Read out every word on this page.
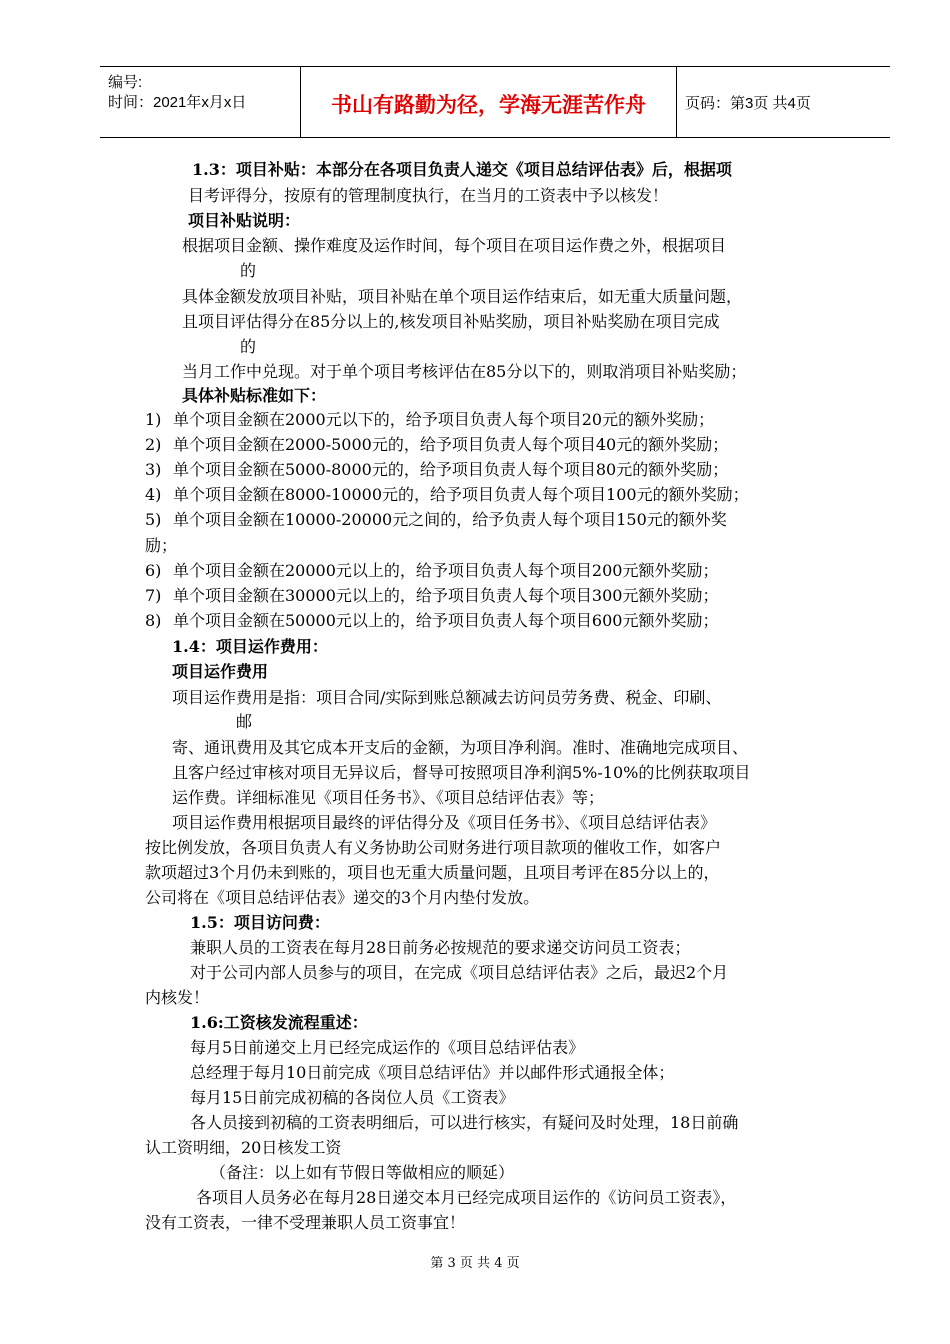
编号:
时间：2021年x月x日	书山有路勤为径，学海无涯苦作舟	页码：第3页 共4页
1.3：项目补贴：本部分在各项目负责人递交《项目总结评估表》后，根据项
目考评得分，按原有的管理制度执行，在当月的工资表中予以核发！
项目补贴说明：
根据项目金额、操作难度及运作时间，每个项目在项目运作费之外，根据项目
的
具体金额发放项目补贴，项目补贴在单个项目运作结束后，如无重大质量问题，
且项目评估得分在85分以上的,核发项目补贴奖励，项目补贴奖励在项目完成
的
当月工作中兑现。对于单个项目考核评估在85分以下的，则取消项目补贴奖励；
具体补贴标准如下：
1) 单个项目金额在2000元以下的，给予项目负责人每个项目20元的额外奖励；
2) 单个项目金额在2000-5000元的，给予项目负责人每个项目40元的额外奖励；
3) 单个项目金额在5000-8000元的，给予项目负责人每个项目80元的额外奖励；
4) 单个项目金额在8000-10000元的，给予项目负责人每个项目100元的额外奖励；
5) 单个项目金额在10000-20000元之间的，给予负责人每个项目150元的额外奖
励；
6) 单个项目金额在20000元以上的，给予项目负责人每个项目200元额外奖励；
7) 单个项目金额在30000元以上的，给予项目负责人每个项目300元额外奖励；
8) 单个项目金额在50000元以上的，给予项目负责人每个项目600元额外奖励；
1.4：项目运作费用：
项目运作费用
项目运作费用是指：项目合同/实际到账总额减去访问员劳务费、税金、印刷、
邮
寄、通讯费用及其它成本开支后的金额，为项目净利润。准时、准确地完成项目、
且客户经过审核对项目无异议后，督导可按照项目净利润5%-10%的比例获取项目
运作费。详细标准见《项目任务书》、《项目总结评估表》等；
项目运作费用根据项目最终的评估得分及《项目任务书》、《项目总结评估表》
按比例发放，各项目负责人有义务协助公司财务进行项目款项的催收工作，如客户
款项超过3个月仍未到账的，项目也无重大质量问题，且项目考评在85分以上的，
公司将在《项目总结评估表》递交的3个月内垫付发放。
1.5：项目访问费：
兼职人员的工资表在每月28日前务必按规范的要求递交访问员工资表；
对于公司内部人员参与的项目，在完成《项目总结评估表》之后，最迟2个月
内核发！
1.6:工资核发流程重述：
每月5日前递交上月已经完成运作的《项目总结评估表》
总经理于每月10日前完成《项目总结评估》并以邮件形式通报全体；
每月15日前完成初稿的各岗位人员《工资表》
各人员接到初稿的工资表明细后，可以进行核实，有疑问及时处理，18日前确
认工资明细，20日核发工资
（备注：以上如有节假日等做相应的顺延）
各项目人员务必在每月28日递交本月已经完成项目运作的《访问员工资表》，
没有工资表，一律不受理兼职人员工资事宜！
第 3 页 共 4 页
